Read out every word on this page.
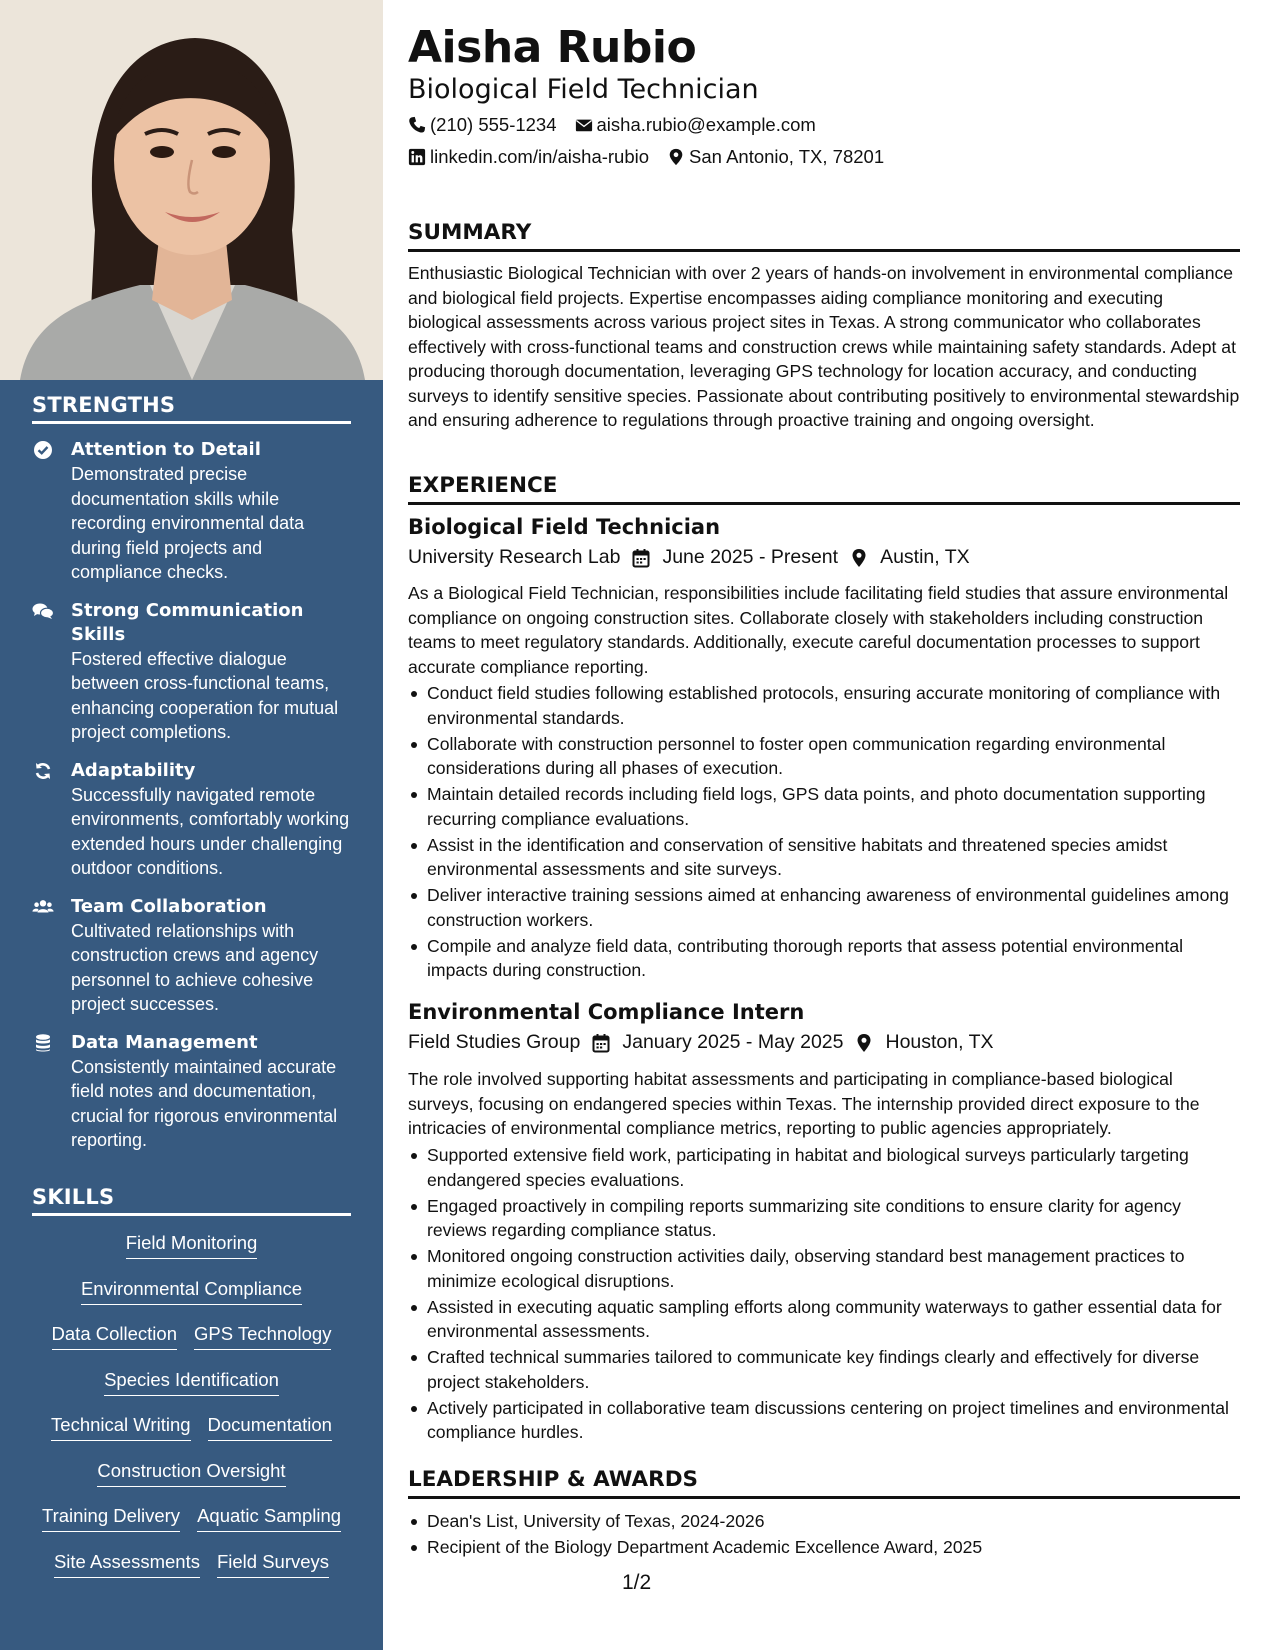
STRENGTHS
Attention to Detail
Demonstrated precise documentation skills while recording environmental data during field projects and compliance checks.
Strong Communication Skills
Fostered effective dialogue between cross-functional teams, enhancing cooperation for mutual project completions.
Adaptability
Successfully navigated remote environments, comfortably working extended hours under challenging outdoor conditions.
Team Collaboration
Cultivated relationships with construction crews and agency personnel to achieve cohesive project successes.
Data Management
Consistently maintained accurate field notes and documentation, crucial for rigorous environmental reporting.
SKILLS
Field Monitoring
Environmental Compliance
Data Collection GPS Technology
Species Identification
Technical Writing Documentation
Construction Oversight
Training Delivery Aquatic Sampling
Site Assessments Field Surveys
Aisha Rubio
Biological Field Technician
(210) 555-1234 aisha.rubio@example.com
linkedin.com/in/aisha-rubio San Antonio, TX, 78201
SUMMARY
Enthusiastic Biological Technician with over 2 years of hands-on involvement in environmental compliance and biological field projects. Expertise encompasses aiding compliance monitoring and executing biological assessments across various project sites in Texas. A strong communicator who collaborates effectively with cross-functional teams and construction crews while maintaining safety standards. Adept at producing thorough documentation, leveraging GPS technology for location accuracy, and conducting surveys to identify sensitive species. Passionate about contributing positively to environmental stewardship and ensuring adherence to regulations through proactive training and ongoing oversight.
EXPERIENCE
Biological Field Technician
University Research Lab June 2025 - Present Austin, TX
As a Biological Field Technician, responsibilities include facilitating field studies that assure environmental compliance on ongoing construction sites. Collaborate closely with stakeholders including construction teams to meet regulatory standards. Additionally, execute careful documentation processes to support accurate compliance reporting.
Conduct field studies following established protocols, ensuring accurate monitoring of compliance with environmental standards.
Collaborate with construction personnel to foster open communication regarding environmental considerations during all phases of execution.
Maintain detailed records including field logs, GPS data points, and photo documentation supporting recurring compliance evaluations.
Assist in the identification and conservation of sensitive habitats and threatened species amidst environmental assessments and site surveys.
Deliver interactive training sessions aimed at enhancing awareness of environmental guidelines among construction workers.
Compile and analyze field data, contributing thorough reports that assess potential environmental impacts during construction.
Environmental Compliance Intern
Field Studies Group January 2025 - May 2025 Houston, TX
The role involved supporting habitat assessments and participating in compliance-based biological surveys, focusing on endangered species within Texas. The internship provided direct exposure to the intricacies of environmental compliance metrics, reporting to public agencies appropriately.
Supported extensive field work, participating in habitat and biological surveys particularly targeting endangered species evaluations.
Engaged proactively in compiling reports summarizing site conditions to ensure clarity for agency reviews regarding compliance status.
Monitored ongoing construction activities daily, observing standard best management practices to minimize ecological disruptions.
Assisted in executing aquatic sampling efforts along community waterways to gather essential data for environmental assessments.
Crafted technical summaries tailored to communicate key findings clearly and effectively for diverse project stakeholders.
Actively participated in collaborative team discussions centering on project timelines and environmental compliance hurdles.
LEADERSHIP & AWARDS
Dean's List, University of Texas, 2024-2026
Recipient of the Biology Department Academic Excellence Award, 2025
1/2
